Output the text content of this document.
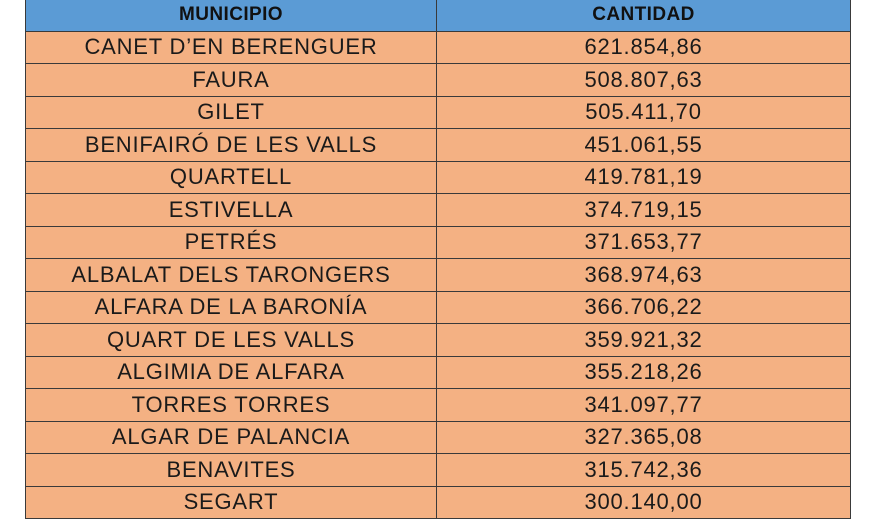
MUNICIPIO	CANTIDAD
CANET D’EN BERENGUER	621.854,86
FAURA	508.807,63
GILET	505.411,70
BENIFAIRÓ DE LES VALLS	451.061,55
QUARTELL	419.781,19
ESTIVELLA	374.719,15
PETRÉS	371.653,77
ALBALAT DELS TARONGERS	368.974,63
ALFARA DE LA BARONÍA	366.706,22
QUART DE LES VALLS	359.921,32
ALGIMIA DE ALFARA	355.218,26
TORRES TORRES	341.097,77
ALGAR DE PALANCIA	327.365,08
BENAVITES	315.742,36
SEGART	300.140,00
